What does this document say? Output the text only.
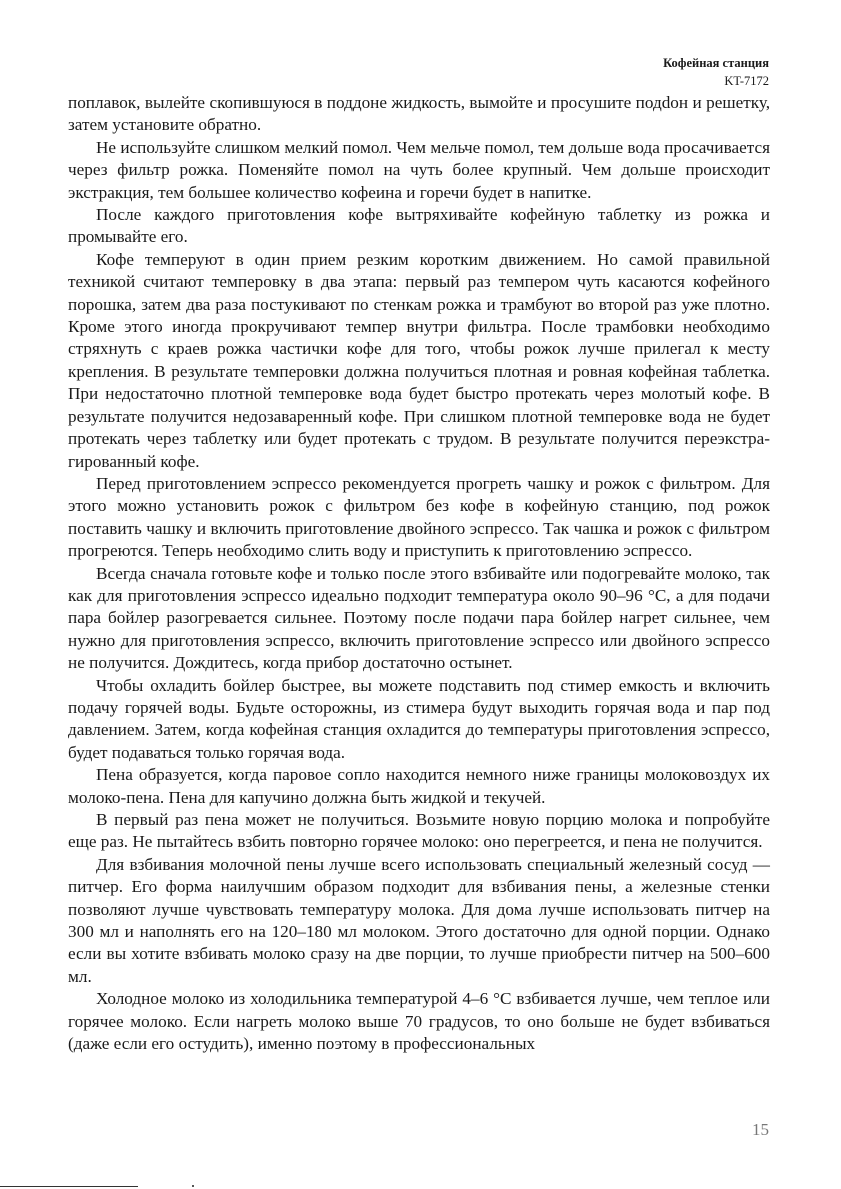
Кофейная станция
KT-7172

поплавок, вылейте скопившуюся в поддоне жидкость, вымойте и просушите подdон и решетку, затем установите обратно.

Не используйте слишком мелкий помол. Чем мельче помол, тем дольше вода просачивается через фильтр рожка. Поменяйте помол на чуть более крупный. Чем дольше происходит экстракция, тем большее количество кофеина и горечи будет в напитке.

После каждого приготовления кофе вытряхивайте кофейную таблетку из рожка и промывайте его.

Кофе темперуют в один прием резким коротким движением. Но самой правильной техникой считают темперовку в два этапа: первый раз темпером чуть касаются кофейного порошка, затем два раза постукивают по стенкам рожка и трамбуют во второй раз уже плотно. Кроме этого иногда прокручивают темпер внутри фильтра. После трамбовки необходимо стряхнуть с краев рожка частички кофе для того, чтобы рожок лучше прилегал к месту крепления. В результате темперовки должна получиться плотная и ровная кофейная таблетка. При недостаточно плотной темперовке вода будет быстро протекать через молотый кофе. В результате получится недозаваренный кофе. При слишком плотной темперовке вода не будет протекать через таблетку или будет протекать с трудом. В результате получится переэкстрагированный кофе.

Перед приготовлением эспрессо рекомендуется прогреть чашку и рожок с фильтром. Для этого можно установить рожок с фильтром без кофе в кофейную станцию, под рожок поставить чашку и включить приготовление двойного эспрессо. Так чашка и рожок с фильтром прогреются. Теперь необходимо слить воду и приступить к приготовлению эспрессо.

Всегда сначала готовьте кофе и только после этого взбивайте или подогревайте молоко, так как для приготовления эспрессо идеально подходит температура около 90–96 °C, а для подачи пара бойлер разогревается сильнее. Поэтому после подачи пара бойлер нагрет сильнее, чем нужно для приготовления эспрессо, включить приготовление эспрессо или двойного эспрессо не получится. Дождитесь, когда прибор достаточно остынет.

Чтобы охладить бойлер быстрее, вы можете подставить под стимер емкость и включить подачу горячей воды. Будьте осторожны, из стимера будут выходить горячая вода и пар под давлением. Затем, когда кофейная станция охладится до температуры приготовления эспрессо, будет подаваться только горячая вода.

Пена образуется, когда паровое сопло находится немного ниже границы молоковоздух их молоко-пена. Пена для капучино должна быть жидкой и текучей.

В первый раз пена может не получиться. Возьмите новую порцию молока и попробуйте еще раз. Не пытайтесь взбить повторно горячее молоко: оно перегреется, и пена не получится.

Для взбивания молочной пены лучше всего использовать специальный железный сосуд — питчер. Его форма наилучшим образом подходит для взбивания пены, а железные стенки позволяют лучше чувствовать температуру молока. Для дома лучше использовать питчер на 300 мл и наполнять его на 120–180 мл молоком. Этого достаточно для одной порции. Однако если вы хотите взбивать молоко сразу на две порции, то лучше приобрести питчер на 500–600 мл.

Холодное молоко из холодильника температурой 4–6 °C взбивается лучше, чем теплое или горячее молоко. Если нагреть молоко выше 70 градусов, то оно больше не будет взбиваться (даже если его остудить), именно поэтому в профессиональных

15
